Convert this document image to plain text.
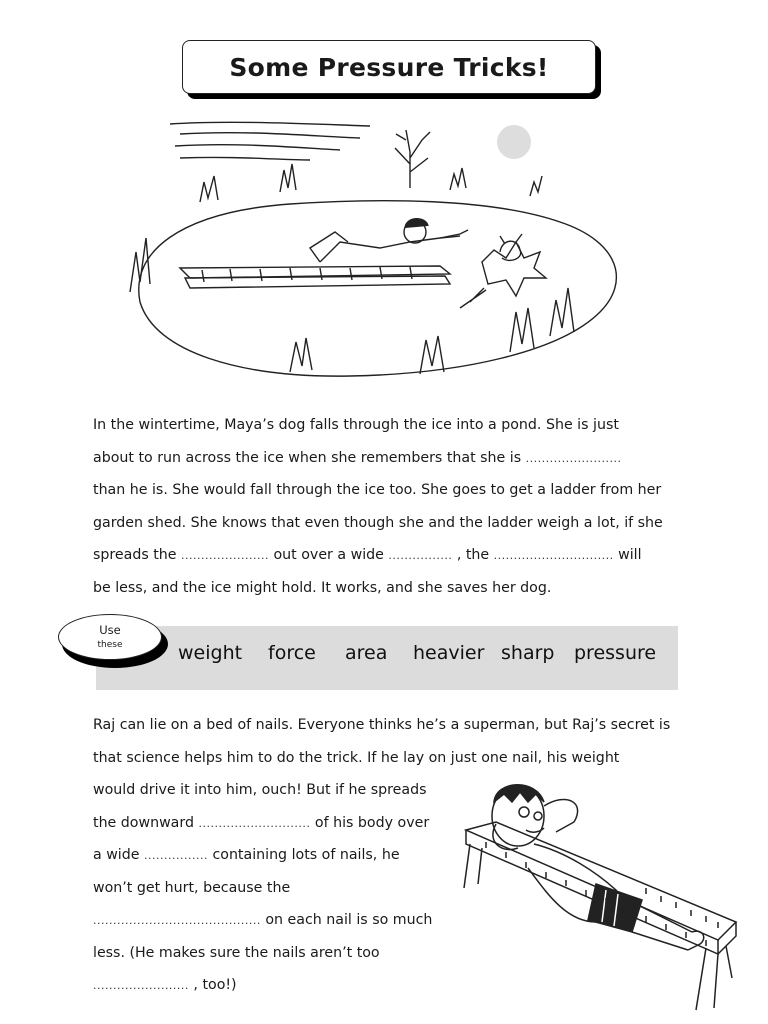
Some Pressure Tricks!
In the wintertime, Maya’s dog falls through the ice into a pond. She is just
about to run across the ice when she remembers that she is ........................
than he is. She would fall through the ice too. She goes to get a ladder from her
garden shed. She knows that even though she and the ladder weigh a lot, if she
spreads the ...................... out over a wide ................ , the .............................. will
be less, and the ice might hold. It works, and she saves her dog.
Use
these	weight force area heavier sharp pressure
Raj can lie on a bed of nails. Everyone thinks he’s a superman, but Raj’s secret is
that science helps him to do the trick. If he lay on just one nail, his weight
would drive it into him, ouch! But if he spreads
the downward ............................ of his body over
a wide ................ containing lots of nails, he
won’t get hurt, because the
.......................................... on each nail is so much
less. (He makes sure the nails aren’t too
........................ , too!)
